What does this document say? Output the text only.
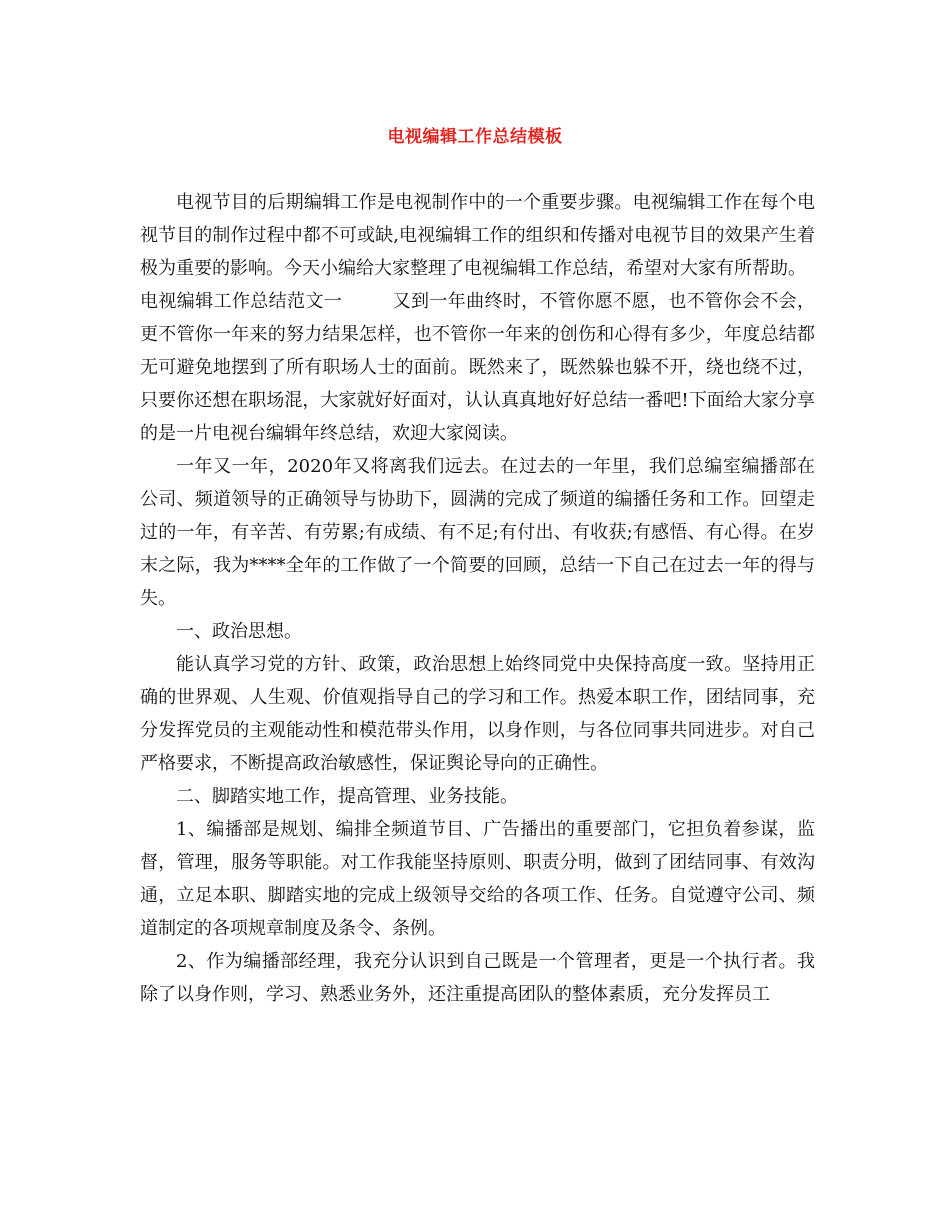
电视编辑工作总结模板

电视节目的后期编辑工作是电视制作中的一个重要步骤。电视编辑工作在每个电视节目的制作过程中都不可或缺,电视编辑工作的组织和传播对电视节目的效果产生着极为重要的影响。今天小编给大家整理了电视编辑工作总结，希望对大家有所帮助。

电视编辑工作总结范文一	又到一年曲终时，不管你愿不愿，也不管你会不会，更不管你一年来的努力结果怎样，也不管你一年来的创伤和心得有多少，年度总结都无可避免地摆到了所有职场人士的面前。既然来了，既然躲也躲不开，绕也绕不过，只要你还想在职场混，大家就好好面对，认认真真地好好总结一番吧!下面给大家分享的是一片电视台编辑年终总结，欢迎大家阅读。

一年又一年，2020年又将离我们远去。在过去的一年里，我们总编室编播部在公司、频道领导的正确领导与协助下，圆满的完成了频道的编播任务和工作。回望走过的一年，有辛苦、有劳累;有成绩、有不足;有付出、有收获;有感悟、有心得。在岁末之际，我为****全年的工作做了一个简要的回顾，总结一下自己在过去一年的得与失。

一、政治思想。

能认真学习党的方针、政策，政治思想上始终同党中央保持高度一致。坚持用正确的世界观、人生观、价值观指导自己的学习和工作。热爱本职工作，团结同事，充分发挥党员的主观能动性和模范带头作用，以身作则，与各位同事共同进步。对自己严格要求，不断提高政治敏感性，保证舆论导向的正确性。

二、脚踏实地工作，提高管理、业务技能。

1、编播部是规划、编排全频道节目、广告播出的重要部门，它担负着参谋，监督，管理，服务等职能。对工作我能坚持原则、职责分明，做到了团结同事、有效沟通，立足本职、脚踏实地的完成上级领导交给的各项工作、任务。自觉遵守公司、频道制定的各项规章制度及条令、条例。

2、作为编播部经理，我充分认识到自己既是一个管理者，更是一个执行者。我除了以身作则，学习、熟悉业务外，还注重提高团队的整体素质，充分发挥员工
